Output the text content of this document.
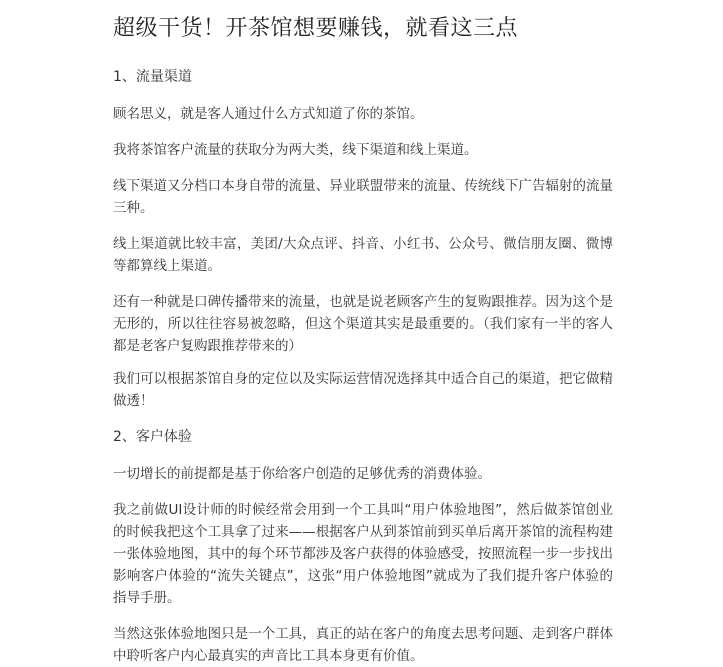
超级干货！开茶馆想要赚钱，就看这三点
1、流量渠道

顾名思义，就是客人通过什么方式知道了你的茶馆。

我将茶馆客户流量的获取分为两大类，线下渠道和线上渠道。

线下渠道又分档口本身自带的流量、异业联盟带来的流量、传统线下广告辐射的流量三种。

线上渠道就比较丰富，美团/大众点评、抖音、小红书、公众号、微信朋友圈、微博等都算线上渠道。

还有一种就是口碑传播带来的流量，也就是说老顾客产生的复购跟推荐。因为这个是无形的，所以往往容易被忽略，但这个渠道其实是最重要的。（我们家有一半的客人都是老客户复购跟推荐带来的）

我们可以根据茶馆自身的定位以及实际运营情况选择其中适合自己的渠道，把它做精做透！

2、客户体验

一切增长的前提都是基于你给客户创造的足够优秀的消费体验。

我之前做UI设计师的时候经常会用到一个工具叫“用户体验地图”，然后做茶馆创业的时候我把这个工具拿了过来——根据客户从到茶馆前到买单后离开茶馆的流程构建一张体验地图，其中的每个环节都涉及客户获得的体验感受，按照流程一步一步找出影响客户体验的“流失关键点”，这张“用户体验地图”就成为了我们提升客户体验的指导手册。

当然这张体验地图只是一个工具，真正的站在客户的角度去思考问题、走到客户群体中聆听客户内心最真实的声音比工具本身更有价值。
